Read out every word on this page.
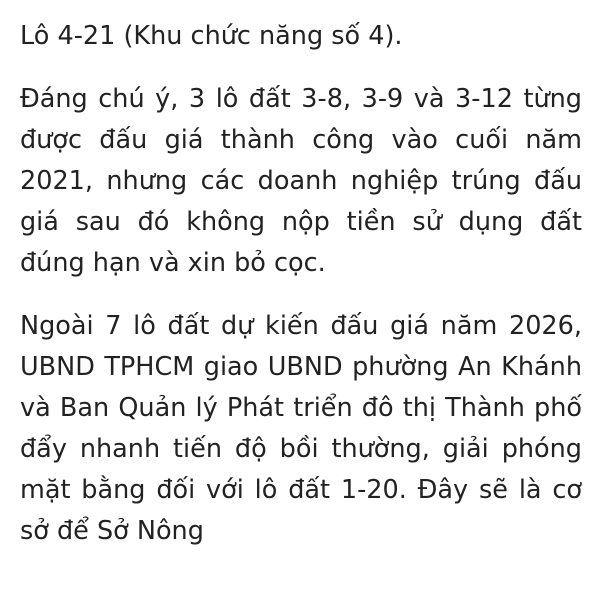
Lô 4-21 (Khu chức năng số 4).

Đáng chú ý, 3 lô đất 3-8, 3-9 và 3-12 từng được đấu giá thành công vào cuối năm 2021, nhưng các doanh nghiệp trúng đấu giá sau đó không nộp tiền sử dụng đất đúng hạn và xin bỏ cọc.

Ngoài 7 lô đất dự kiến đấu giá năm 2026, UBND TPHCM giao UBND phường An Khánh và Ban Quản lý Phát triển đô thị Thành phố đẩy nhanh tiến độ bồi thường, giải phóng mặt bằng đối với lô đất 1-20. Đây sẽ là cơ sở để Sở Nông
